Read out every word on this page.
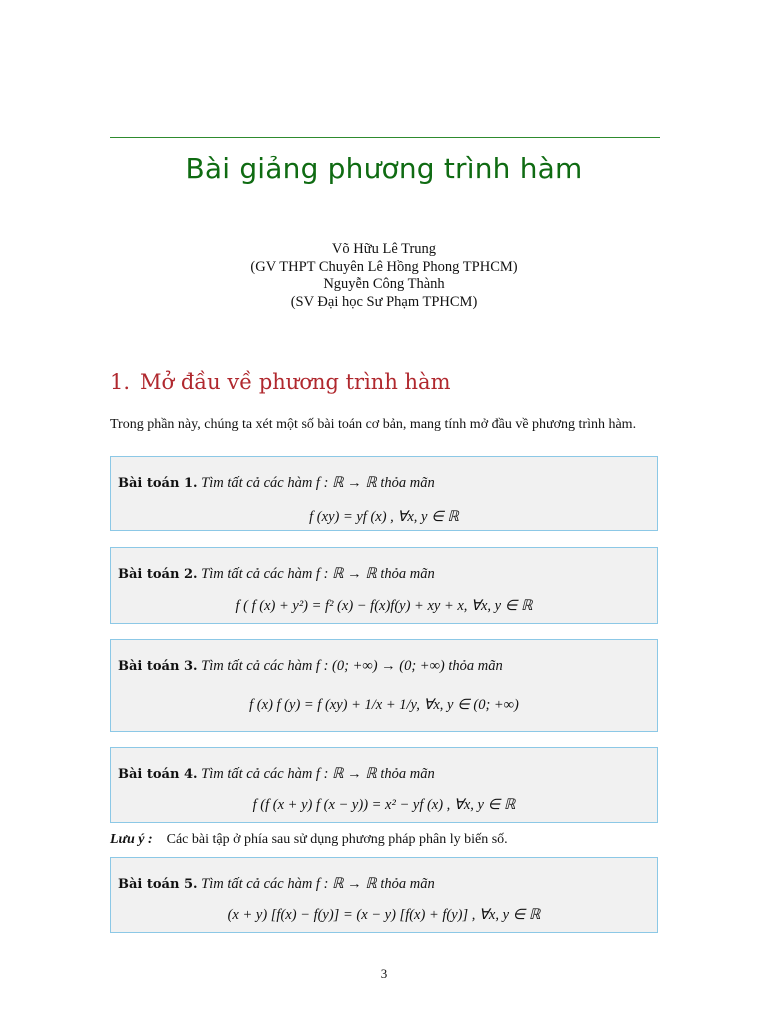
Bài giảng phương trình hàm
Võ Hữu Lê Trung
(GV THPT Chuyên Lê Hồng Phong TPHCM)
Nguyễn Công Thành
(SV Đại học Sư Phạm TPHCM)
1. Mở đầu về phương trình hàm
Trong phần này, chúng ta xét một số bài toán cơ bản, mang tính mở đầu về phương trình hàm.
Bài toán 1. Tìm tất cả các hàm f : ℝ → ℝ thỏa mãn
f (xy) = yf (x) , ∀x, y ∈ ℝ
Bài toán 2. Tìm tất cả các hàm f : ℝ → ℝ thỏa mãn
f ( f (x) + y²) = f² (x) − f(x)f(y) + xy + x, ∀x, y ∈ ℝ
Bài toán 3. Tìm tất cả các hàm f : (0; +∞) → (0; +∞) thỏa mãn
f (x) f (y) = f (xy) + 1/x + 1/y, ∀x, y ∈ (0; +∞)
Bài toán 4. Tìm tất cả các hàm f : ℝ → ℝ thỏa mãn
f (f (x + y) f (x − y)) = x² − yf (x) , ∀x, y ∈ ℝ
Lưu ý : Các bài tập ở phía sau sử dụng phương pháp phân ly biến số.
Bài toán 5. Tìm tất cả các hàm f : ℝ → ℝ thỏa mãn
(x + y) [f(x) − f(y)] = (x − y) [f(x) + f(y)] , ∀x, y ∈ ℝ
3
